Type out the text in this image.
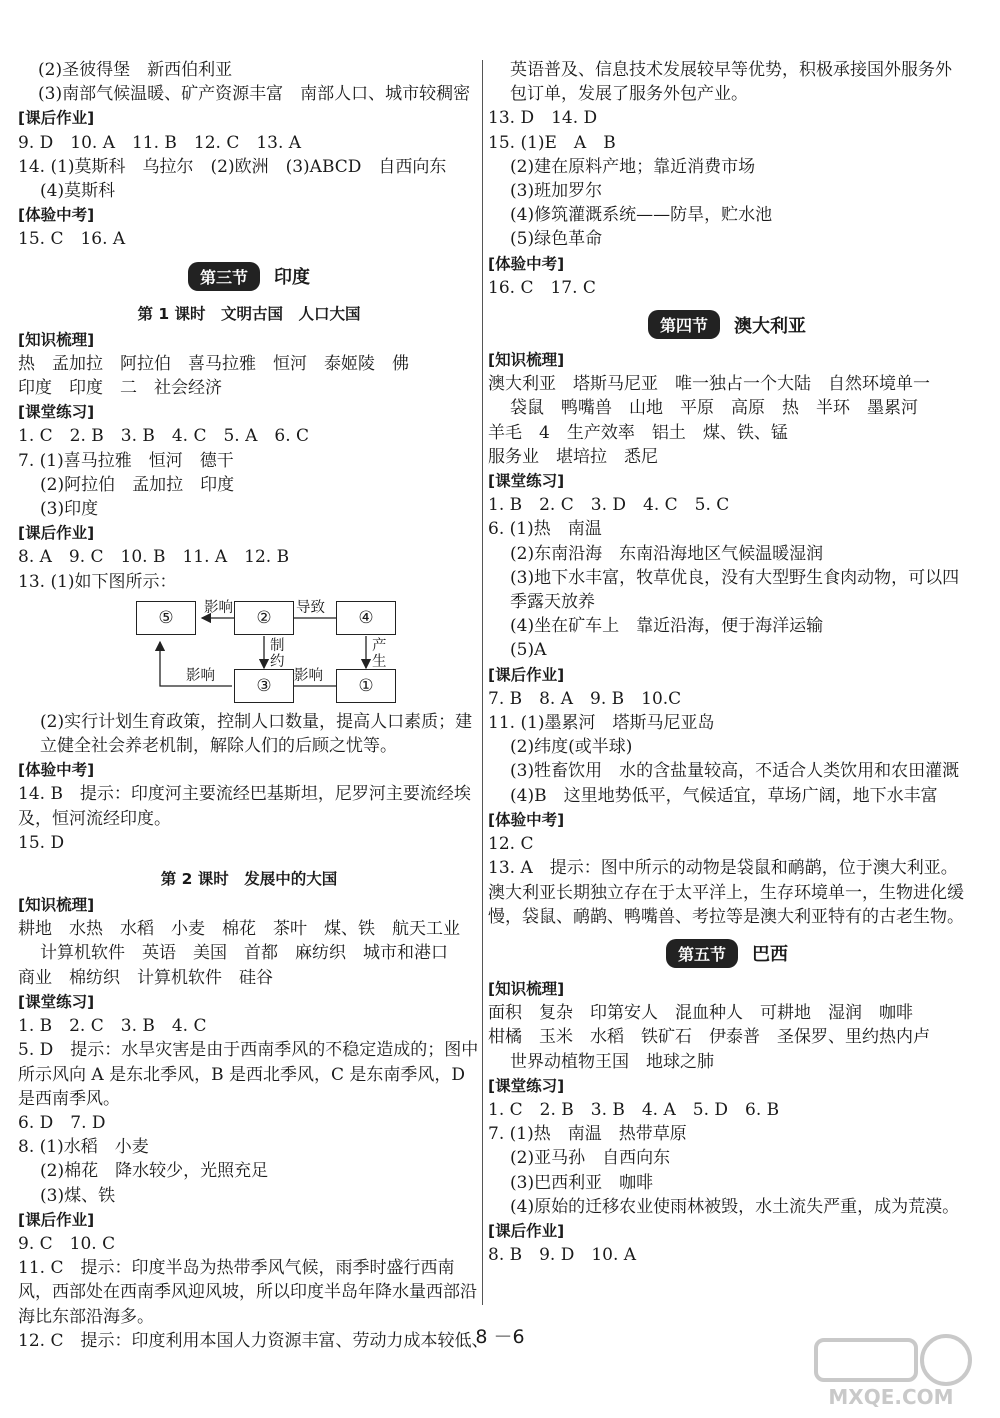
(2)圣彼得堡　新西伯利亚
(3)南部气候温暖、矿产资源丰富　南部人口、城市较稠密
[课后作业]
9. D　10. A　11. B　12. C　13. A
14. (1)莫斯科　乌拉尔　(2)欧洲　(3)ABCD　自西向东
(4)莫斯科
[体验中考]
15. C　16. A
第三节 印度
第 1 课时　文明古国　人口大国
[知识梳理]
热　孟加拉　阿拉伯　喜马拉雅　恒河　泰姬陵　佛
印度　印度　二　社会经济
[课堂练习]
1. C　2. B　3. B　4. C　5. A　6. C
7. (1)喜马拉雅　恒河　德干
(2)阿拉伯　孟加拉　印度
(3)印度
[课后作业]
8. A　9. C　10. B　11. A　12. B
13. (1)如下图所示：
⑤	②	④
③	①
影响	导致
制约
产生
影响	影响
(2)实行计划生育政策，控制人口数量，提高人口素质；建立健全社会养老机制，解除人们的后顾之忧等。
[体验中考]
14. B　提示：印度河主要流经巴基斯坦，尼罗河主要流经埃及，恒河流经印度。
15. D
第 2 课时　发展中的大国
[知识梳理]
耕地　水热　水稻　小麦　棉花　茶叶　煤、铁　航天工业
计算机软件　英语　美国　首都　麻纺织　城市和港口
商业　棉纺织　计算机软件　硅谷
[课堂练习]
1. B　2. C　3. B　4. C
5. D　提示：水旱灾害是由于西南季风的不稳定造成的；图中所示风向 A 是东北季风，B 是西北季风，C 是东南季风，D 是西南季风。
6. D　7. D
8. (1)水稻　小麦
(2)棉花　降水较少，光照充足
(3)煤、铁
[课后作业]
9. C　10. C
11. C　提示：印度半岛为热带季风气候，雨季时盛行西南风，西部处在西南季风迎风坡，所以印度半岛年降水量西部沿海比东部沿海多。
12. C　提示：印度利用本国人力资源丰富、劳动力成本较低、
英语普及、信息技术发展较早等优势，积极承接国外服务外包订单，发展了服务外包产业。
13. D　14. D
15. (1)E　A　B
(2)建在原料产地；靠近消费市场
(3)班加罗尔
(4)修筑灌溉系统——防旱，贮水池
(5)绿色革命
[体验中考]
16. C　17. C
第四节 澳大利亚
[知识梳理]
澳大利亚　塔斯马尼亚　唯一独占一个大陆　自然环境单一
袋鼠　鸭嘴兽　山地　平原　高原　热　半环　墨累河
羊毛　4　生产效率　铝土　煤、铁、锰
服务业　堪培拉　悉尼
[课堂练习]
1. B　2. C　3. D　4. C　5. C
6. (1)热　南温
(2)东南沿海　东南沿海地区气候温暖湿润
(3)地下水丰富，牧草优良，没有大型野生食肉动物，可以四季露天放养
(4)坐在矿车上　靠近沿海，便于海洋运输
(5)A
[课后作业]
7. B　8. A　9. B　10.C
11. (1)墨累河　塔斯马尼亚岛
(2)纬度(或半球)
(3)牲畜饮用　水的含盐量较高，不适合人类饮用和农田灌溉
(4)B　这里地势低平，气候适宜，草场广阔，地下水丰富
[体验中考]
12. C
13. A　提示：图中所示的动物是袋鼠和鸸鹋，位于澳大利亚。澳大利亚长期独立存在于太平洋上，生存环境单一，生物进化缓慢，袋鼠、鸸鹋、鸭嘴兽、考拉等是澳大利亚特有的古老生物。
第五节 巴西
[知识梳理]
面积　复杂　印第安人　混血种人　可耕地　湿润　咖啡
柑橘　玉米　水稻　铁矿石　伊泰普　圣保罗、里约热内卢
世界动植物王国　地球之肺
[课堂练习]
1. C　2. B　3. B　4. A　5. D　6. B
7. (1)热　南温　热带草原
(2)亚马孙　自西向东
(3)巴西利亚　咖啡
(4)原始的迁移农业使雨林被毁，水土流失严重，成为荒漠。
[课后作业]
8. B　9. D　10. A
8 －6
MXQE.COM
